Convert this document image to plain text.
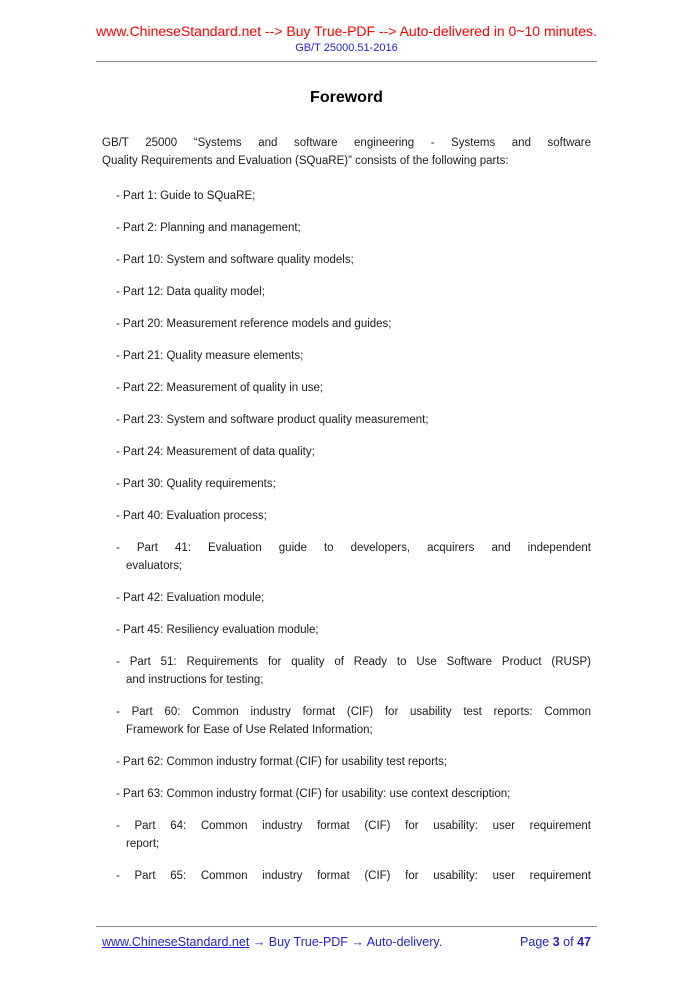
www.ChineseStandard.net --> Buy True-PDF --> Auto-delivered in 0~10 minutes.
GB/T 25000.51-2016
Foreword
GB/T 25000 “Systems and software engineering - Systems and software
Quality Requirements and Evaluation (SQuaRE)” consists of the following parts:
- Part 1: Guide to SQuaRE;
- Part 2: Planning and management;
- Part 10: System and software quality models;
- Part 12: Data quality model;
- Part 20: Measurement reference models and guides;
- Part 21: Quality measure elements;
- Part 22: Measurement of quality in use;
- Part 23: System and software product quality measurement;
- Part 24: Measurement of data quality;
- Part 30: Quality requirements;
- Part 40: Evaluation process;
- Part 41: Evaluation guide to developers, acquirers and independent
evaluators;
- Part 42: Evaluation module;
- Part 45: Resiliency evaluation module;
- Part 51: Requirements for quality of Ready to Use Software Product (RUSP)
and instructions for testing;
- Part 60: Common industry format (CIF) for usability test reports: Common
Framework for Ease of Use Related Information;
- Part 62: Common industry format (CIF) for usability test reports;
- Part 63: Common industry format (CIF) for usability: use context description;
- Part 64: Common industry format (CIF) for usability: user requirement
report;
- Part 65: Common industry format (CIF) for usability: user requirement
www.ChineseStandard.net → Buy True-PDF → Auto-delivery.	Page 3 of 47
